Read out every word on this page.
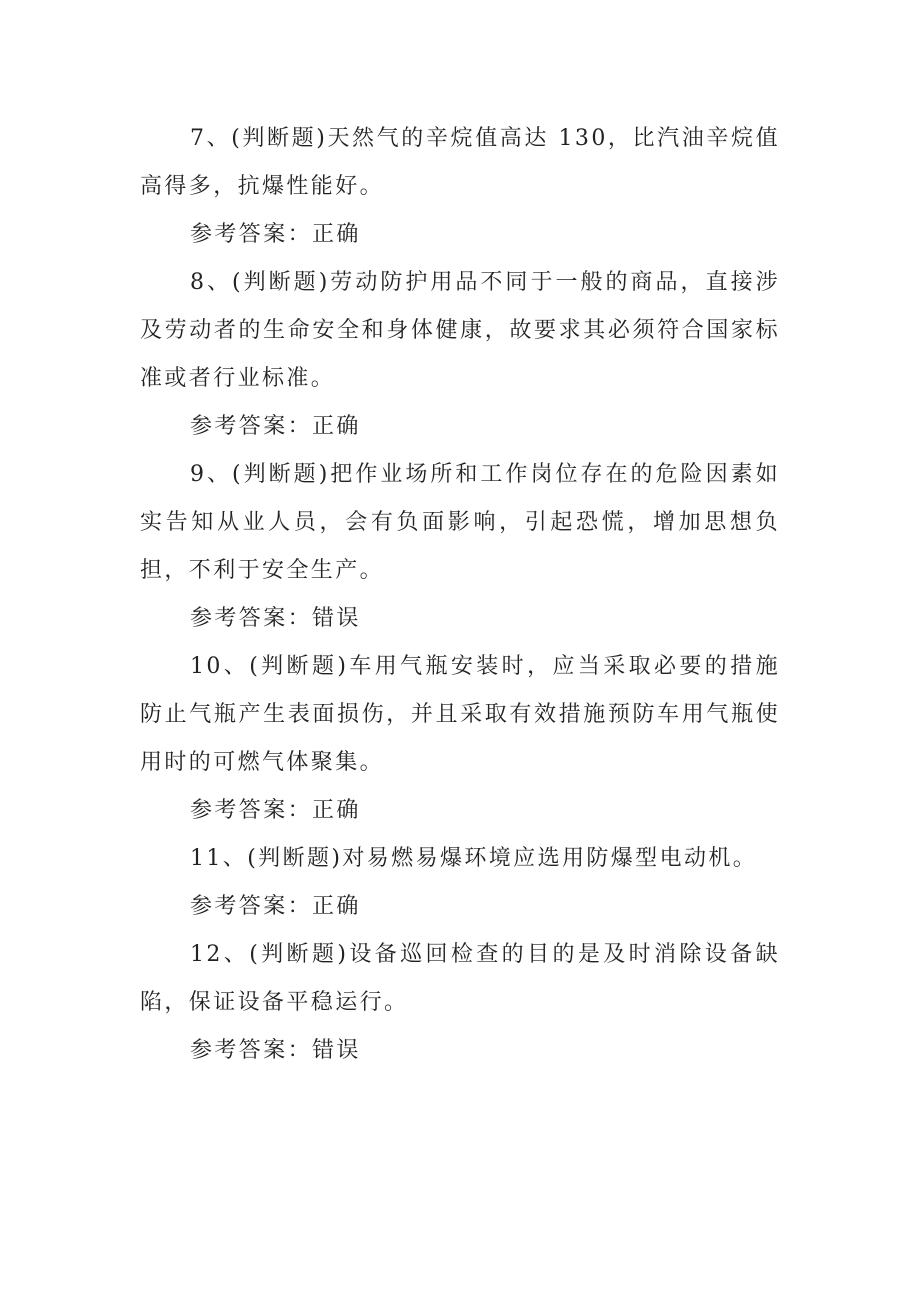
7、(判断题)天然气的辛烷值高达 130，比汽油辛烷值高得多，抗爆性能好。

参考答案：正确

8、(判断题)劳动防护用品不同于一般的商品，直接涉及劳动者的生命安全和身体健康，故要求其必须符合国家标准或者行业标准。

参考答案：正确

9、(判断题)把作业场所和工作岗位存在的危险因素如实告知从业人员，会有负面影响，引起恐慌，增加思想负担，不利于安全生产。

参考答案：错误

10、(判断题)车用气瓶安装时，应当采取必要的措施防止气瓶产生表面损伤，并且采取有效措施预防车用气瓶使用时的可燃气体聚集。

参考答案：正确

11、(判断题)对易燃易爆环境应选用防爆型电动机。

参考答案：正确

12、(判断题)设备巡回检查的目的是及时消除设备缺陷，保证设备平稳运行。

参考答案：错误
